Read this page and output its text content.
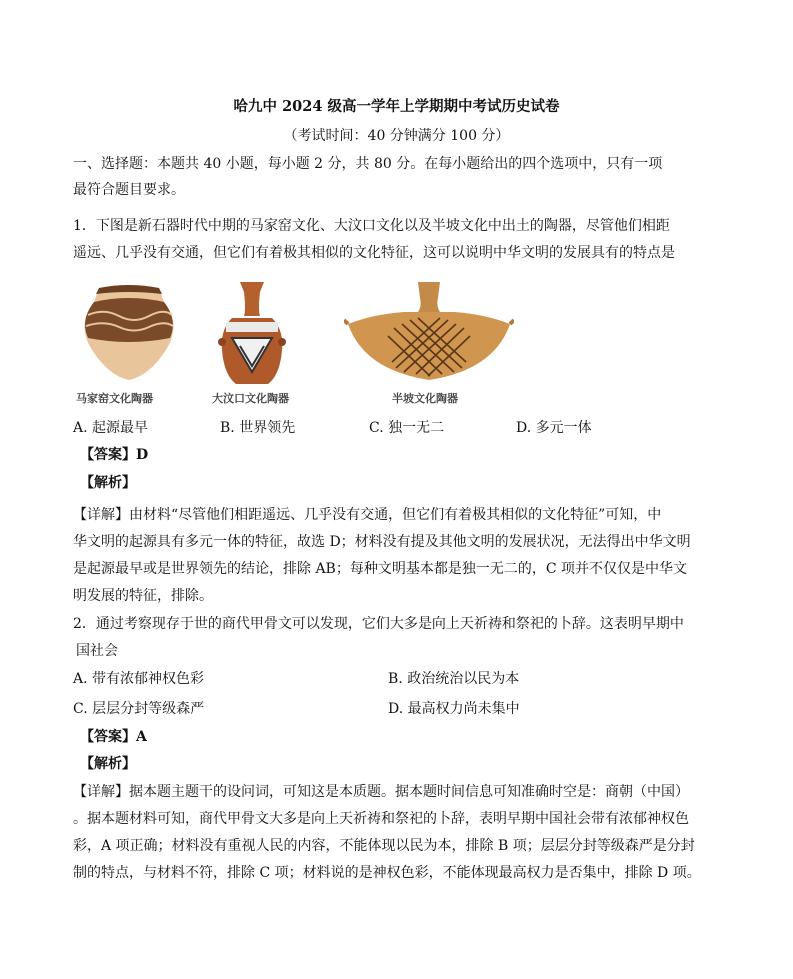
哈九中 2024 级高一学年上学期期中考试历史试卷
（考试时间：40 分钟满分 100 分）
一、选择题：本题共 40 小题，每小题 2 分，共 80 分。在每小题给出的四个选项中，只有一项
最符合题目要求。
1．下图是新石器时代中期的马家窑文化、大汶口文化以及半坡文化中出土的陶器，尽管他们相距
遥远、几乎没有交通，但它们有着极其相似的文化特征，这可以说明中华文明的发展具有的特点是
马家窑文化陶器	大汶口文化陶器	半坡文化陶器
A. 起源最早	B. 世界领先	C. 独一无二	D. 多元一体
【答案】D
【解析】
【详解】由材料“尽管他们相距遥远、几乎没有交通，但它们有着极其相似的文化特征”可知，中
华文明的起源具有多元一体的特征，故选 D；材料没有提及其他文明的发展状况，无法得出中华文明
是起源最早或是世界领先的结论，排除 AB；每种文明基本都是独一无二的，C 项并不仅仅是中华文
明发展的特征，排除。
2．通过考察现存于世的商代甲骨文可以发现，它们大多是向上天祈祷和祭祀的卜辞。这表明早期中
国社会
A. 带有浓郁神权色彩	B. 政治统治以民为本
C. 层层分封等级森严	D. 最高权力尚未集中
【答案】A
【解析】
【详解】据本题主题干的设问词，可知这是本质题。据本题时间信息可知准确时空是：商朝（中国）
。据本题材料可知，商代甲骨文大多是向上天祈祷和祭祀的卜辞，表明早期中国社会带有浓郁神权色
彩，A 项正确；材料没有重视人民的内容，不能体现以民为本，排除 B 项；层层分封等级森严是分封
制的特点，与材料不符，排除 C 项；材料说的是神权色彩，不能体现最高权力是否集中，排除 D 项。
